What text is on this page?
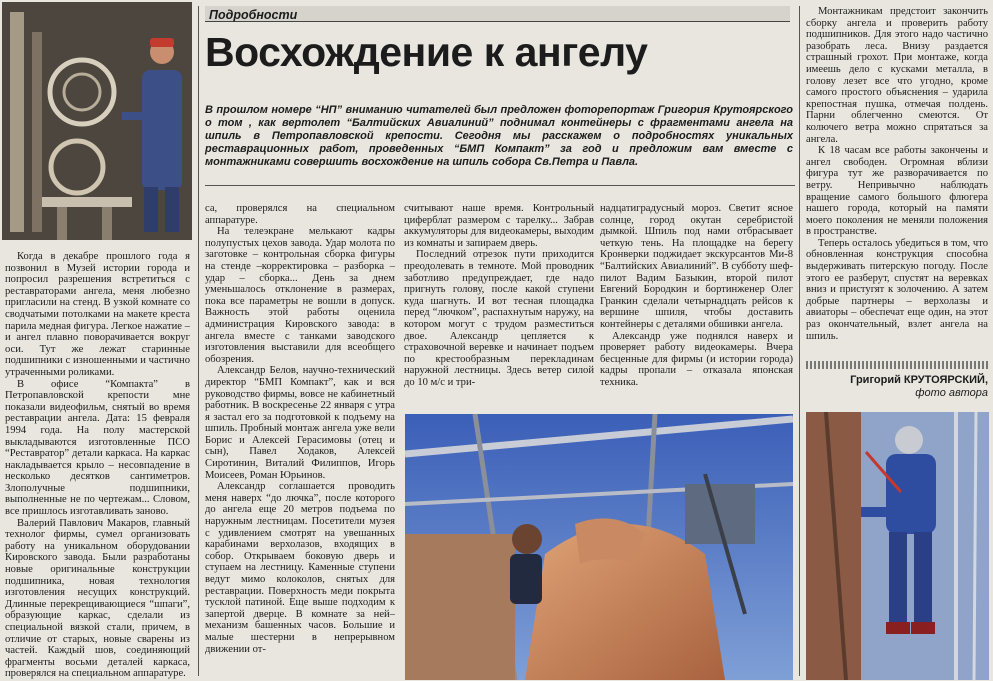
Подробности
Восхождение к ангелу
В прошлом номере “НП” вниманию читателей был предложен фоторепортаж Григория Крутоярского о том , как вертолет “Балтийских Авиалиний” поднимал контейнеры с фрагментами ангела на шпиль в Петропавловской крепости. Сегодня мы расскажем о подробностях уникальных реставрационных работ, проведенных “БМП Компакт” за год и предложим вам вместе с монтажниками совершить восхождение на шпиль собора Св.Петра и Павла.

Когда в декабре прошлого года я позвонил в Музей истории города и попросил разрешения встретиться с реставраторами ангела, меня любезно пригласили на стенд. В узкой комнате со сводчатыми потолками на макете креста парила медная фигура. Легкое нажатие – и ангел плавно поворачивается вокруг оси. Тут же лежат старинные подшипники с изношенными и частично утраченными роликами.

В офисе “Компакта” в Петропавловской крепости мне показали видеофильм, снятый во время реставрации ангела. Дата: 15 февраля 1994 года. На полу мастерской выкладываются изготовленные ПСО “Реставратор” детали каркаса. На каркас накладывается крыло – несовпадение в несколько десятков сантиметров. Злополучные подшипники, выполненные не по чертежам... Словом, все пришлось изготавливать заново.

Валерий Павлович Макаров, главный технолог фирмы, сумел организовать работу на уникальном оборудовании Кировского завода. Были разработаны новые оригинальные конструкции подшипника, новая технология изготовления несущих конструкций. Длинные перекрещивающиеся “шпаги”, образующие каркас, сделали из специальной вязкой стали, причем, в отличие от старых, новые сварены из частей. Каждый шов, соединяющий фрагменты восьми деталей каркаса, проверялся на специальном аппаратуре.

са, проверялся на специальном аппаратуре.

На телеэкране мелькают кадры полупустых цехов завода. Удар молота по заготовке – контрольная сборка фигуры на стенде –корректировка – разборка – удар – сборка... День за днем уменьшалось отклонение в размерах, пока все параметры не вошли в допуск. Важность этой работы оценила администрация Кировского завода: в ангела вместе с танками заводского изготовления выставили для всеобщего обозрения.

Александр Белов, научно-технический директор “БМП Компакт”, как и вся руководство фирмы, вовсе не кабинетный работник. В воскресенье 22 января с утра я застал его за подготовкой к подъему на шпиль. Пробный монтаж ангела уже вели Борис и Алексей Герасимовы (отец и сын), Павел Ходаков, Алексей Сиротинин, Виталий Филиппов, Игорь Моисеев, Роман Юрьинов.

Александр соглашается проводить меня наверх “до лючка”, после которого до ангела еще 20 метров подъема по наружным лестницам. Посетители музея с удивлением смотрят на увешанных карабинами верхолазов, входящих в собор. Открываем боковую дверь и ступаем на лестницу. Каменные ступени ведут мимо колоколов, снятых для реставрации. Поверхность меди покрыта тусклой патиной. Еще выше подходим к запертой дверце. В комнате за ней–механизм башенных часов. Большие и малые шестерни в непрерывном движении от-

считывают наше время. Контрольный циферблат размером с тарелку... Забрав аккумуляторы для видеокамеры, выходим из комнаты и запираем дверь.

Последний отрезок пути приходится преодолевать в темноте. Мой проводник заботливо предупреждает, где надо пригнуть голову, после какой ступени куда шагнуть. И вот тесная площадка перед “лючком”, распахнутым наружу, на котором могут с трудом разместиться двое. Александр цепляется к страховочной веревке и начинает подъем по крестообразным перекладинам наружной лестницы. Здесь ветер силой до 10 м/с и три-

надцатиградусный мороз. Светит ясное солнце, город окутан серебристой дымкой. Шпиль под нами отбрасывает четкую тень. На площадке на берегу Кронверки поджидает экскурсантов Ми-8 “Балтийских Авиалиний”. В субботу шеф-пилот Вадим Базыкин, второй пилот Евгений Бородкин и бортинженер Олег Гранкин сделали четырнадцать рейсов к вершине шпиля, чтобы доставить контейнеры с деталями обшивки ангела.

Александр уже поднялся наверх и проверяет работу видеокамеры. Вчера бесценные для фирмы (и истории города) кадры пропали – отказала японская техника.

Монтажникам предстоит закончить сборку ангела и проверить работу подшипников. Для этого надо частично разобрать леса. Внизу раздается страшный грохот. При монтаже, когда имеешь дело с кусками металла, в голову лезет все что угодно, кроме самого простого объяснения – ударила крепостная пушка, отмечая полдень. Парни облегченно смеются. От колючего ветра можно спрятаться за ангела.

К 18 часам все работы закончены и ангел свободен. Огромная вблизи фигура тут же разворачивается по ветру. Непривычно наблюдать вращение самого большого флюгера нашего города, который на памяти моего поколения не меняли положения в пространстве.

Теперь осталось убедиться в том, что обновленная конструкция способна выдерживать питерскую погоду. После этого ее разберут, спустят на веревках вниз и пристугят к золочению. А затем добрые партнеры – верхолазы и авиаторы – обеспечат еще один, на этот раз окончательный, взлет ангела на шпиль.

Григорий КРУТОЯРСКИЙ,
фото автора
